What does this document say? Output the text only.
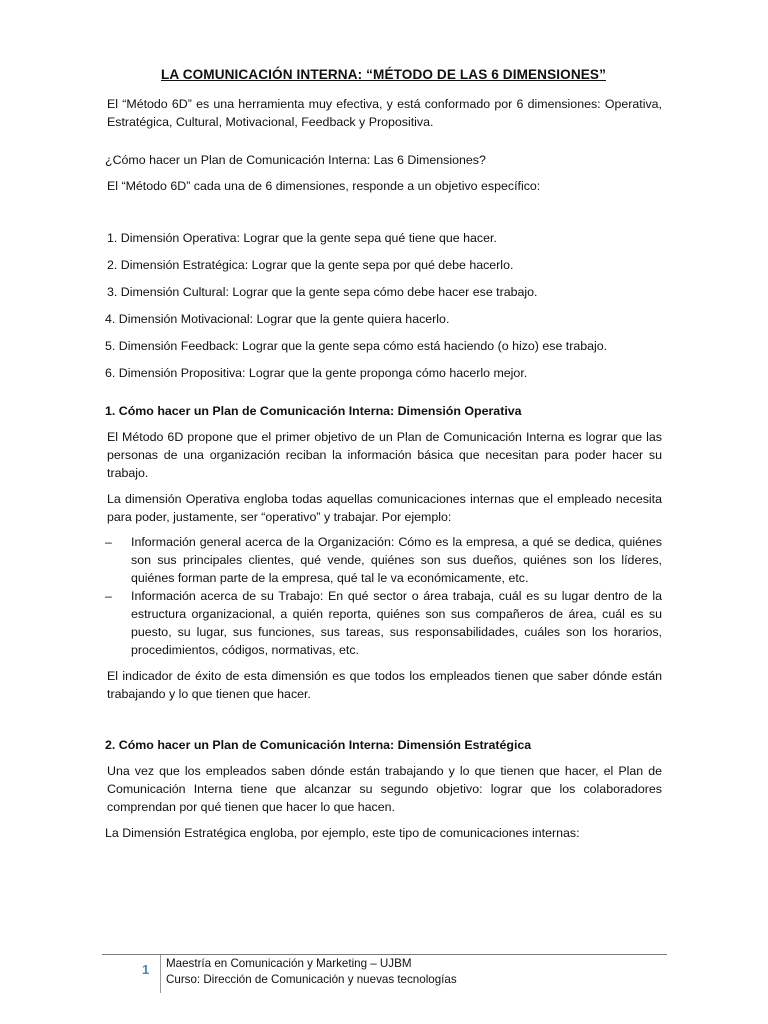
LA COMUNICACIÓN INTERNA: “MÉTODO DE LAS 6 DIMENSIONES”

El “Método 6D” es una herramienta muy efectiva, y está conformado por 6 dimensiones: Operativa, Estratégica, Cultural, Motivacional, Feedback y Propositiva.

¿Cómo hacer un Plan de Comunicación Interna: Las 6 Dimensiones?

El “Método 6D” cada una de 6 dimensiones, responde a un objetivo específico:

1. Dimensión Operativa: Lograr que la gente sepa qué tiene que hacer.
2. Dimensión Estratégica: Lograr que la gente sepa por qué debe hacerlo.
3. Dimensión Cultural: Lograr que la gente sepa cómo debe hacer ese trabajo.
4. Dimensión Motivacional: Lograr que la gente quiera hacerlo.
5. Dimensión Feedback: Lograr que la gente sepa cómo está haciendo (o hizo) ese trabajo.
6. Dimensión Propositiva: Lograr que la gente proponga cómo hacerlo mejor.

1. Cómo hacer un Plan de Comunicación Interna: Dimensión Operativa

El Método 6D propone que el primer objetivo de un Plan de Comunicación Interna es lograr que las personas de una organización reciban la información básica que necesitan para poder hacer su trabajo.

La dimensión Operativa engloba todas aquellas comunicaciones internas que el empleado necesita para poder, justamente, ser “operativo” y trabajar. Por ejemplo:

– Información general acerca de la Organización: Cómo es la empresa, a qué se dedica, quiénes son sus principales clientes, qué vende, quiénes son sus dueños, quiénes son los líderes, quiénes forman parte de la empresa, qué tal le va económicamente, etc.
– Información acerca de su Trabajo: En qué sector o área trabaja, cuál es su lugar dentro de la estructura organizacional, a quién reporta, quiénes son sus compañeros de área, cuál es su puesto, su lugar, sus funciones, sus tareas, sus responsabilidades, cuáles son los horarios, procedimientos, códigos, normativas, etc.

El indicador de éxito de esta dimensión es que todos los empleados tienen que saber dónde están trabajando y lo que tienen que hacer.

2. Cómo hacer un Plan de Comunicación Interna: Dimensión Estratégica

Una vez que los empleados saben dónde están trabajando y lo que tienen que hacer, el Plan de Comunicación Interna tiene que alcanzar su segundo objetivo: lograr que los colaboradores comprendan por qué tienen que hacer lo que hacen.

La Dimensión Estratégica engloba, por ejemplo, este tipo de comunicaciones internas:

1 Maestría en Comunicación y Marketing – UJBM
Curso: Dirección de Comunicación y nuevas tecnologías
